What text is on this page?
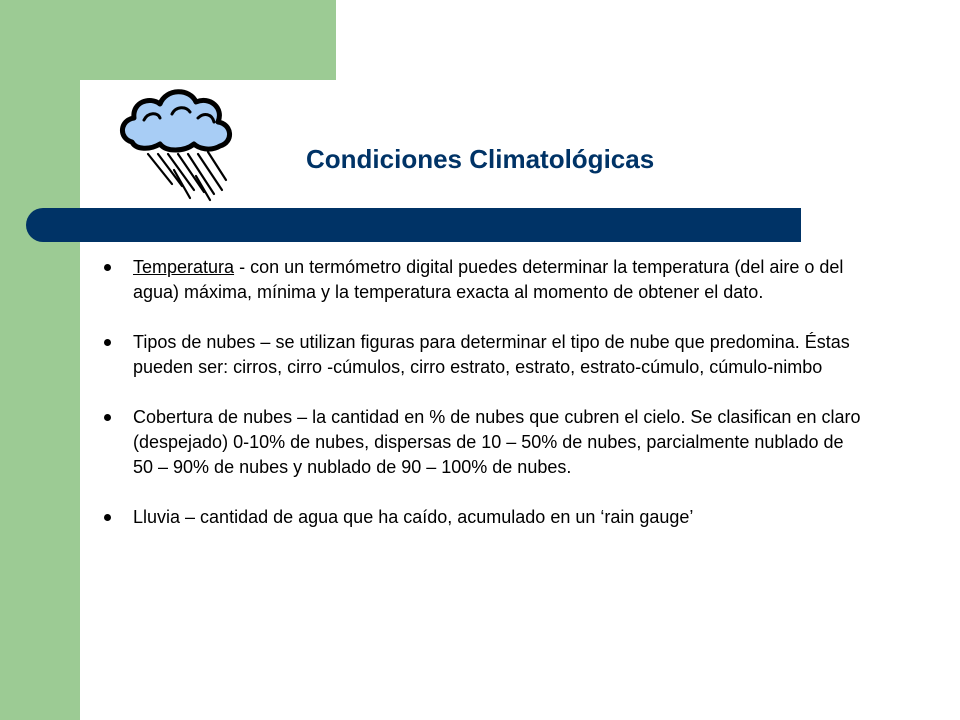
Condiciones Climatológicas
Temperatura - con un termómetro digital puedes determinar la temperatura (del aire o del agua) máxima, mínima y la temperatura exacta al momento de obtener el dato.
Tipos de nubes – se utilizan figuras para determinar el tipo de nube que predomina. Éstas pueden ser: cirros, cirro -cúmulos, cirro estrato, estrato, estrato-cúmulo, cúmulo-nimbo
Cobertura de nubes – la cantidad en % de nubes que cubren el cielo. Se clasifican en claro (despejado) 0-10% de nubes, dispersas de 10 – 50% de nubes, parcialmente nublado de 50 – 90% de nubes y nublado de 90 – 100% de nubes.
Lluvia – cantidad de agua que ha caído, acumulado en un ‘rain gauge’
